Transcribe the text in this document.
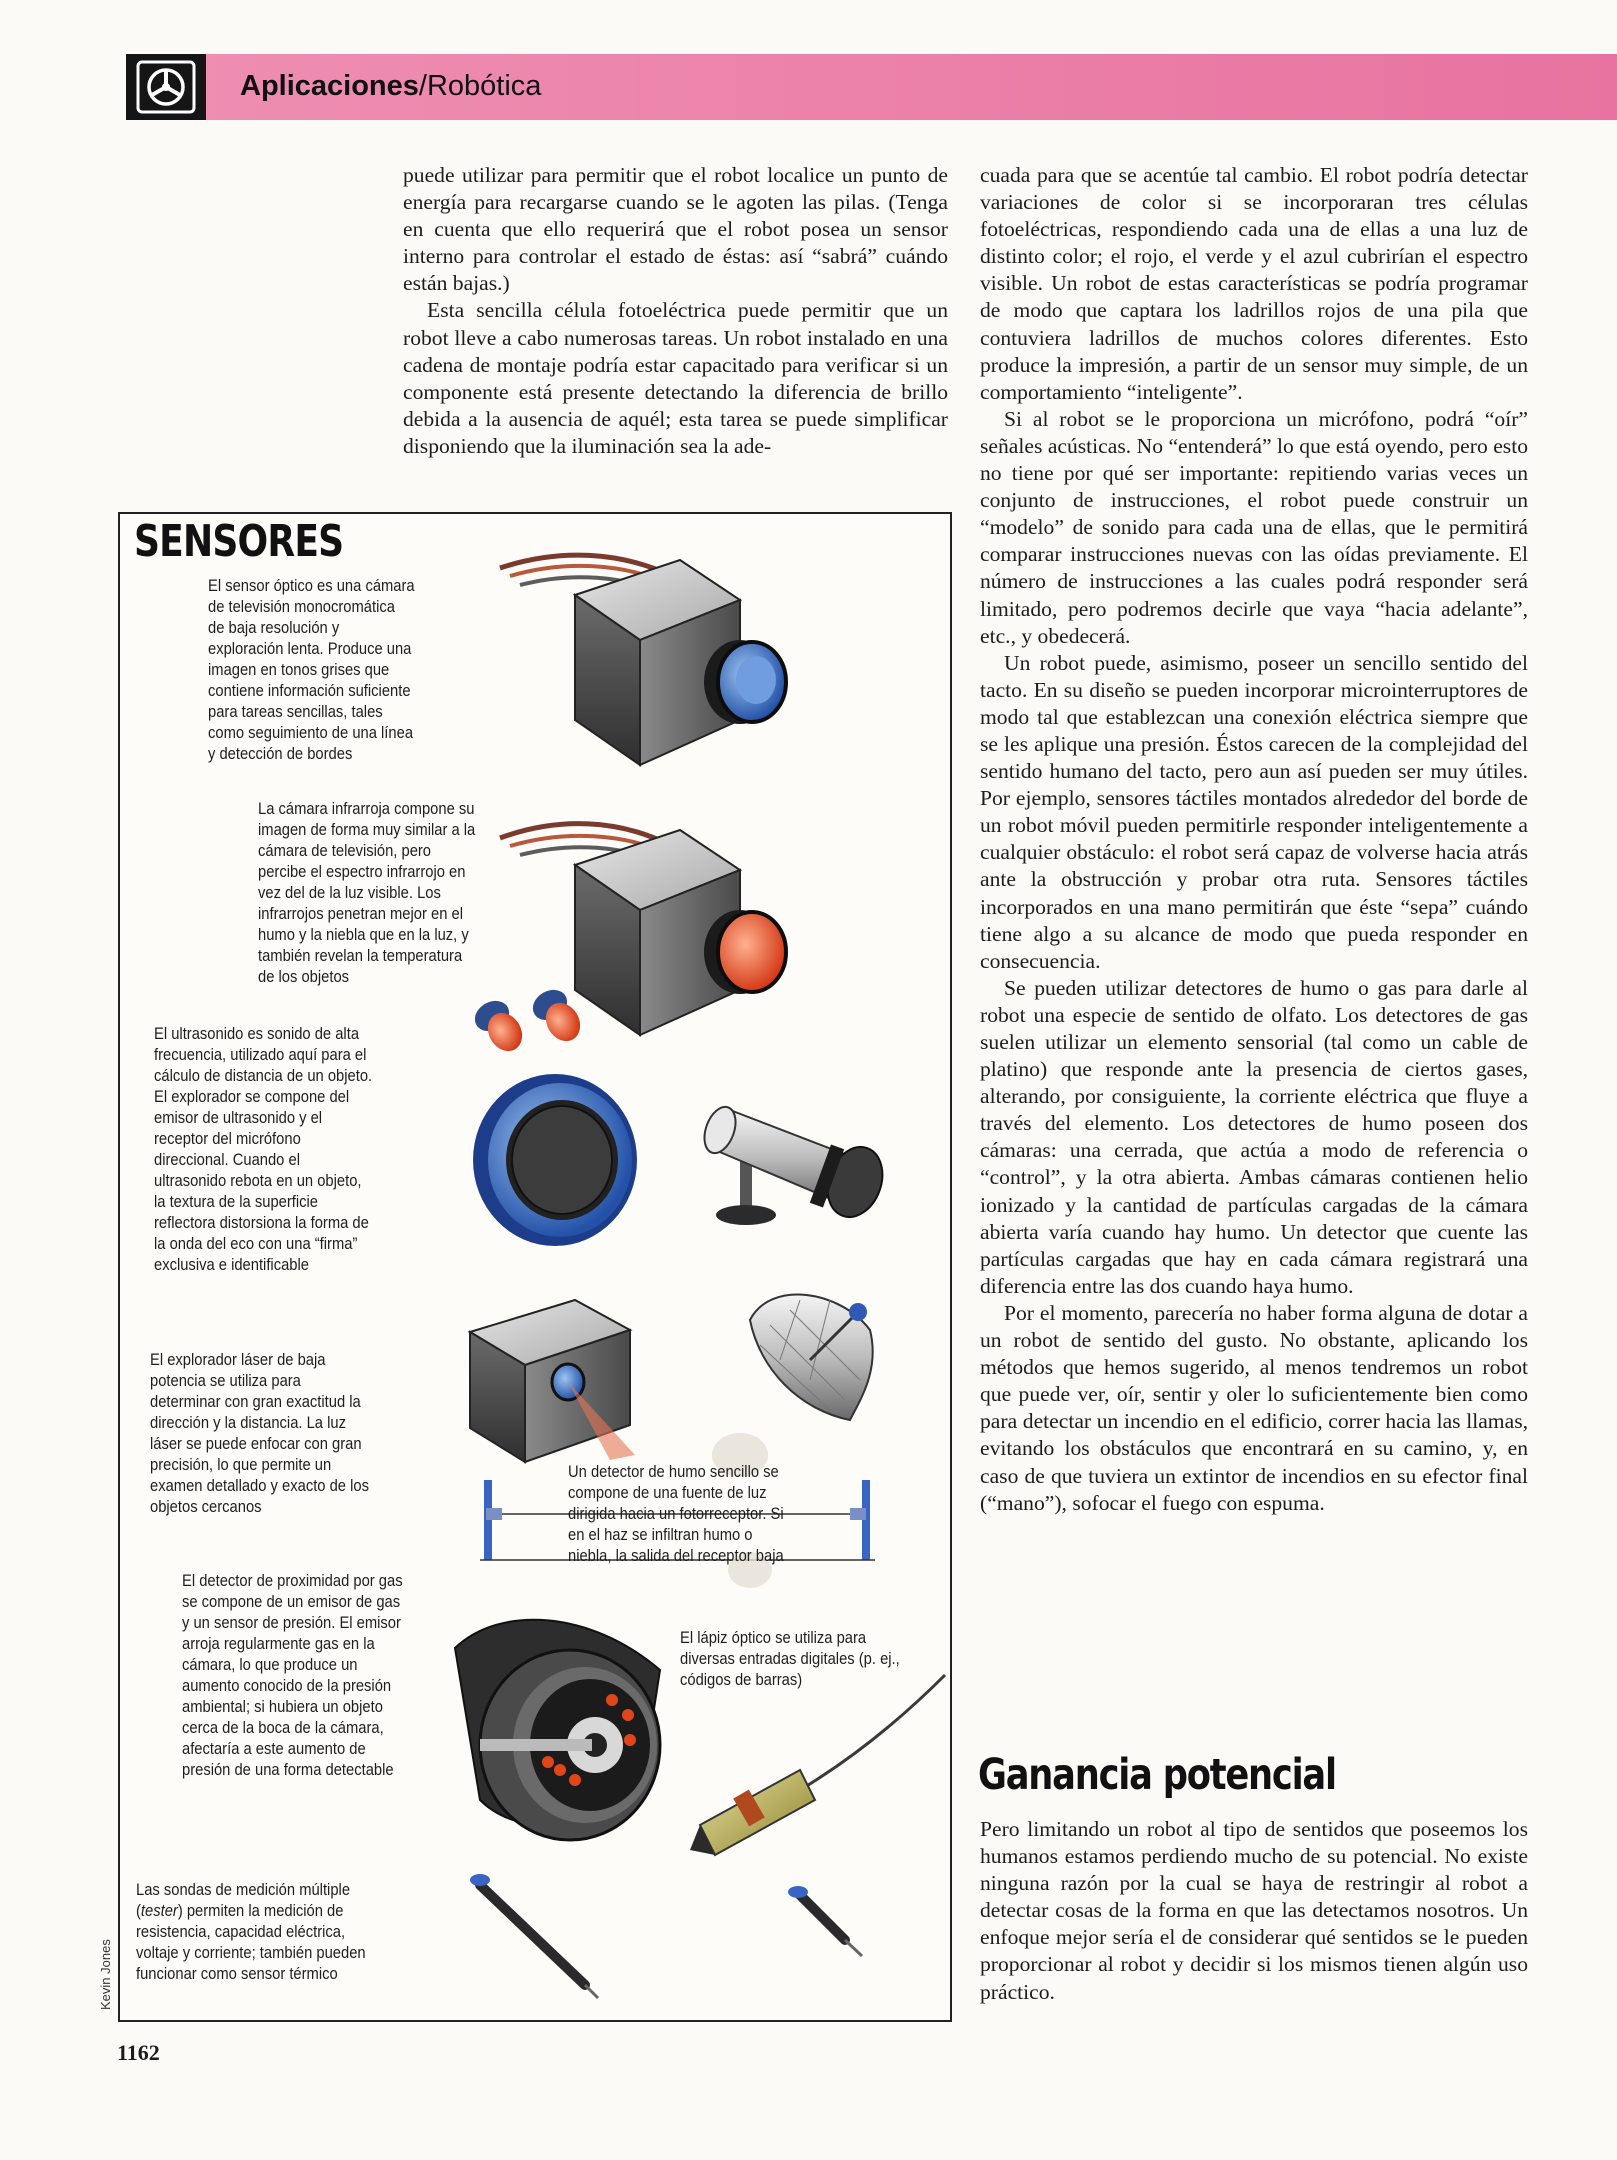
Aplicaciones/Robótica

puede utilizar para permitir que el robot localice un punto de energía para recargarse cuando se le agoten las pilas. (Tenga en cuenta que ello requerirá que el robot posea un sensor interno para controlar el estado de éstas: así “sabrá” cuándo están bajas.)

Esta sencilla célula fotoeléctrica puede permitir que un robot lleve a cabo numerosas tareas. Un robot instalado en una cadena de montaje podría estar capacitado para verificar si un componente está presente detectando la diferencia de brillo debida a la ausencia de aquél; esta tarea se puede simplificar disponiendo que la iluminación sea la ade-

cuada para que se acentúe tal cambio. El robot podría detectar variaciones de color si se incorporaran tres células fotoeléctricas, respondiendo cada una de ellas a una luz de distinto color; el rojo, el verde y el azul cubrirían el espectro visible. Un robot de estas características se podría programar de modo que captara los ladrillos rojos de una pila que contuviera ladrillos de muchos colores diferentes. Esto produce la impresión, a partir de un sensor muy simple, de un comportamiento “inteligente”.

Si al robot se le proporciona un micrófono, podrá “oír” señales acústicas. No “entenderá” lo que está oyendo, pero esto no tiene por qué ser importante: repitiendo varias veces un conjunto de instrucciones, el robot puede construir un “modelo” de sonido para cada una de ellas, que le permitirá comparar instrucciones nuevas con las oídas previamente. El número de instrucciones a las cuales podrá responder será limitado, pero podremos decirle que vaya “hacia adelante”, etc., y obedecerá.

Un robot puede, asimismo, poseer un sencillo sentido del tacto. En su diseño se pueden incorporar microinterruptores de modo tal que establezcan una conexión eléctrica siempre que se les aplique una presión. Éstos carecen de la complejidad del sentido humano del tacto, pero aun así pueden ser muy útiles. Por ejemplo, sensores táctiles montados alrededor del borde de un robot móvil pueden permitirle responder inteligentemente a cualquier obstáculo: el robot será capaz de volverse hacia atrás ante la obstrucción y probar otra ruta. Sensores táctiles incorporados en una mano permitirán que éste “sepa” cuándo tiene algo a su alcance de modo que pueda responder en consecuencia.

Se pueden utilizar detectores de humo o gas para darle al robot una especie de sentido de olfato. Los detectores de gas suelen utilizar un elemento sensorial (tal como un cable de platino) que responde ante la presencia de ciertos gases, alterando, por consiguiente, la corriente eléctrica que fluye a través del elemento. Los detectores de humo poseen dos cámaras: una cerrada, que actúa a modo de referencia o “control”, y la otra abierta. Ambas cámaras contienen helio ionizado y la cantidad de partículas cargadas de la cámara abierta varía cuando hay humo. Un detector que cuente las partículas cargadas que hay en cada cámara registrará una diferencia entre las dos cuando haya humo.

Por el momento, parecería no haber forma alguna de dotar a un robot de sentido del gusto. No obstante, aplicando los métodos que hemos sugerido, al menos tendremos un robot que puede ver, oír, sentir y oler lo suficientemente bien como para detectar un incendio en el edificio, correr hacia las llamas, evitando los obstáculos que encontrará en su camino, y, en caso de que tuviera un extintor de incendios en su efector final (“mano”), sofocar el fuego con espuma.

Ganancia potencial

Pero limitando un robot al tipo de sentidos que poseemos los humanos estamos perdiendo mucho de su potencial. No existe ninguna razón por la cual se haya de restringir al robot a detectar cosas de la forma en que las detectamos nosotros. Un enfoque mejor sería el de considerar qué sentidos se le pueden proporcionar al robot y decidir si los mismos tienen algún uso práctico.

SENSORES
El sensor óptico es una cámara de televisión monocromática de baja resolución y exploración lenta. Produce una imagen en tonos grises que contiene información suficiente para tareas sencillas, tales como seguimiento de una línea y detección de bordes
La cámara infrarroja compone su imagen de forma muy similar a la cámara de televisión, pero percibe el espectro infrarrojo en vez del de la luz visible. Los infrarrojos penetran mejor en el humo y la niebla que en la luz, y también revelan la temperatura de los objetos
El ultrasonido es sonido de alta frecuencia, utilizado aquí para el cálculo de distancia de un objeto. El explorador se compone del emisor de ultrasonido y el receptor del micrófono direccional. Cuando el ultrasonido rebota en un objeto, la textura de la superficie reflectora distorsiona la forma de la onda del eco con una “firma” exclusiva e identificable
El explorador láser de baja potencia se utiliza para determinar con gran exactitud la dirección y la distancia. La luz láser se puede enfocar con gran precisión, lo que permite un examen detallado y exacto de los objetos cercanos
Un detector de humo sencillo se compone de una fuente de luz dirigida hacia un fotorreceptor. Si en el haz se infiltran humo o niebla, la salida del receptor baja
El detector de proximidad por gas se compone de un emisor de gas y un sensor de presión. El emisor arroja regularmente gas en la cámara, lo que produce un aumento conocido de la presión ambiental; si hubiera un objeto cerca de la boca de la cámara, afectaría a este aumento de presión de una forma detectable
El lápiz óptico se utiliza para diversas entradas digitales (p. ej., códigos de barras)
Las sondas de medición múltiple (tester) permiten la medición de resistencia, capacidad eléctrica, voltaje y corriente; también pueden funcionar como sensor térmico
Kevin Jones
1162
